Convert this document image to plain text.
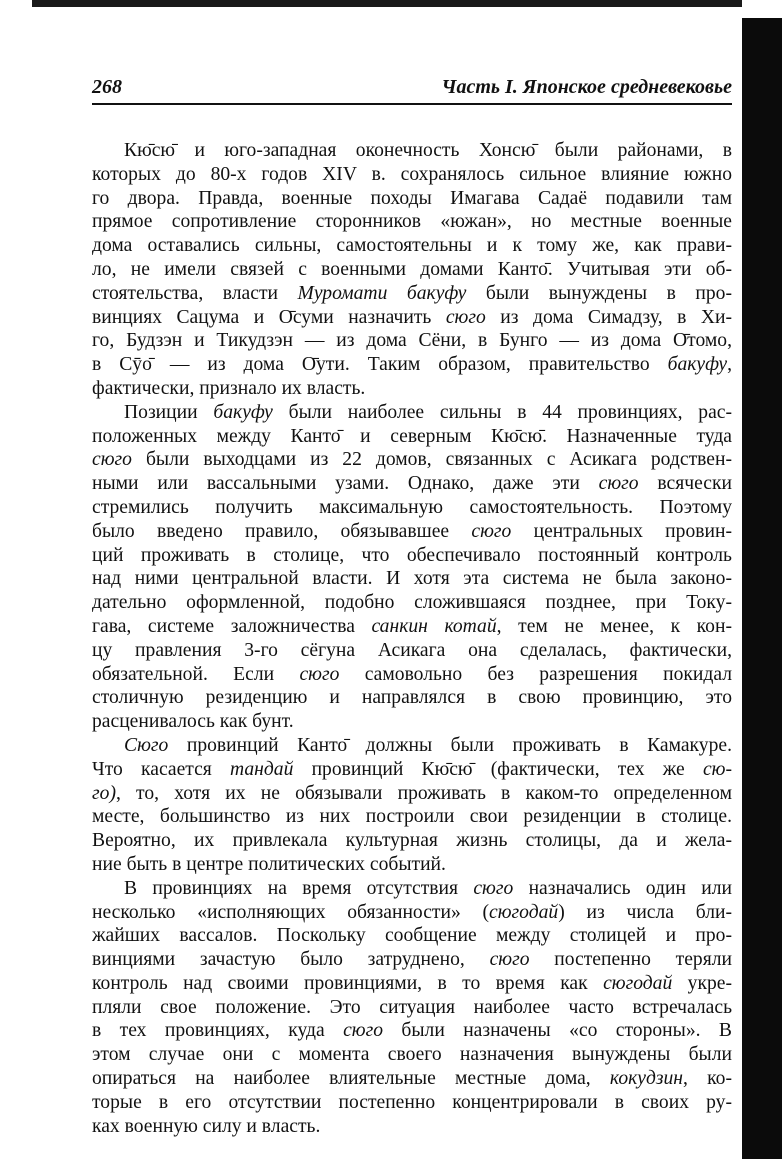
268	Часть I. Японское средневековье
Кю̄сю̄ и юго-западная оконечность Хонсю̄ были районами, в
которых до 80-х годов XIV в. сохранялось сильное влияние южно
го двора. Правда, военные походы Имагава Садаё подавили там
прямое сопротивление сторонников «южан», но местные военные
дома оставались сильны, самостоятельны и к тому же, как прави-
ло, не имели связей с военными домами Канто̄. Учитывая эти об-
стоятельства, власти Муромати бакуфу были вынуждены в про-
винциях Сацума и О̄суми назначить сюго из дома Симадзу, в Хи-
го, Будзэн и Тикудзэн — из дома Сёни, в Бунго — из дома О̄томо,
в Сӯо̄ — из дома О̄ути. Таким образом, правительство бакуфу,
фактически, признало их власть.
Позиции бакуфу были наиболее сильны в 44 провинциях, рас-
положенных между Канто̄ и северным Кю̄сю̄. Назначенные туда
сюго были выходцами из 22 домов, связанных с Асикага родствен-
ными или вассальными узами. Однако, даже эти сюго всячески
стремились получить максимальную самостоятельность. Поэтому
было введено правило, обязывавшее сюго центральных провин-
ций проживать в столице, что обеспечивало постоянный контроль
над ними центральной власти. И хотя эта система не была законо-
дательно оформленной, подобно сложившаяся позднее, при Току-
гава, системе заложничества санкин котай, тем не менее, к кон-
цу правления 3-го сёгуна Асикага она сделалась, фактически,
обязательной. Если сюго самовольно без разрешения покидал
столичную резиденцию и направлялся в свою провинцию, это
расценивалось как бунт.
Сюго провинций Канто̄ должны были проживать в Камакуре.
Что касается тандай провинций Кю̄сю̄ (фактически, тех же сю-
го), то, хотя их не обязывали проживать в каком-то определенном
месте, большинство из них построили свои резиденции в столице.
Вероятно, их привлекала культурная жизнь столицы, да и жела-
ние быть в центре политических событий.
В провинциях на время отсутствия сюго назначались один или
несколько «исполняющих обязанности» (сюгодай) из числа бли-
жайших вассалов. Поскольку сообщение между столицей и про-
винциями зачастую было затруднено, сюго постепенно теряли
контроль над своими провинциями, в то время как сюгодай укре-
пляли свое положение. Это ситуация наиболее часто встречалась
в тех провинциях, куда сюго были назначены «со стороны». В
этом случае они с момента своего назначения вынуждены были
опираться на наиболее влиятельные местные дома, кокудзин, ко-
торые в его отсутствии постепенно концентрировали в своих ру-
ках военную силу и власть.
